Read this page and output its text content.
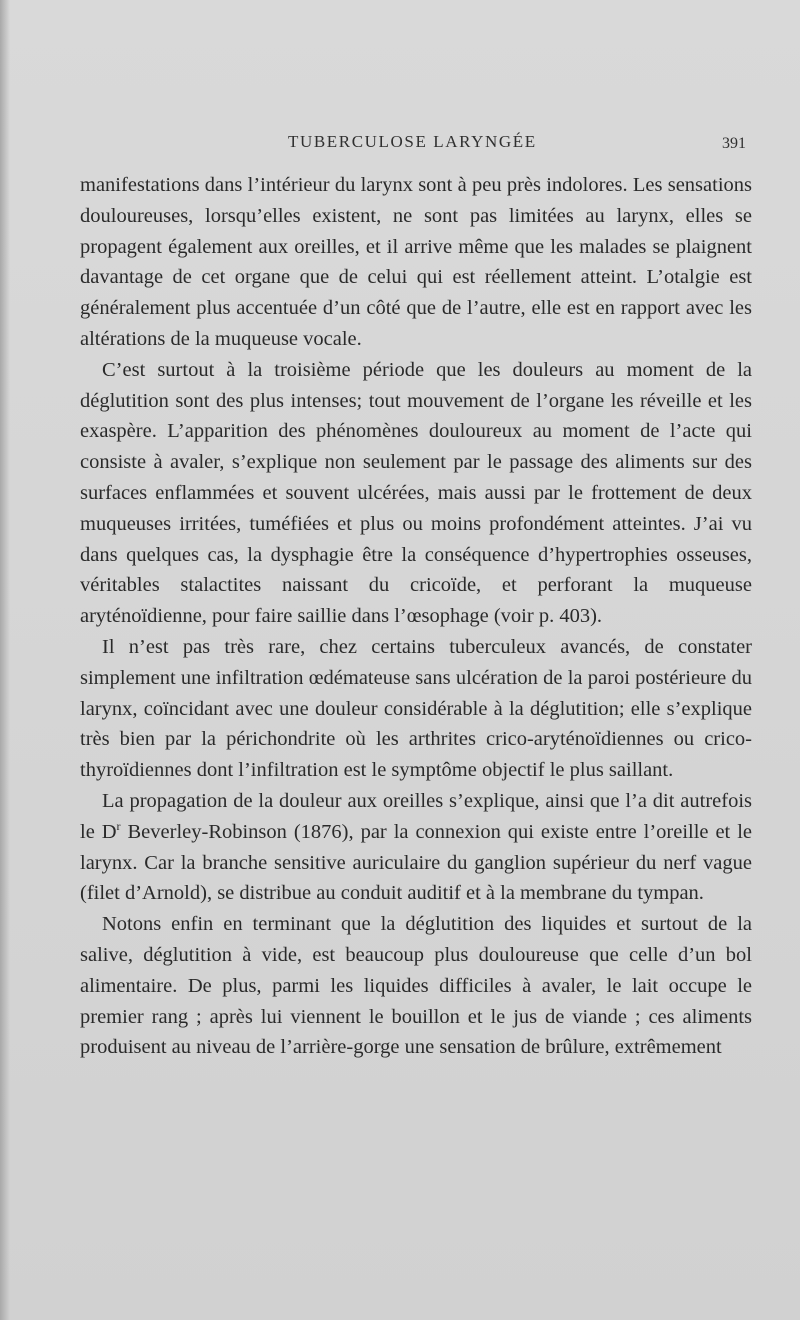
TUBERCULOSE LARYNGÉE	391

manifestations dans l’intérieur du larynx sont à peu près indolores. Les sensations douloureuses, lorsqu’elles existent, ne sont pas limitées au larynx, elles se propagent également aux oreilles, et il arrive même que les malades se plaignent davantage de cet organe que de celui qui est réellement atteint. L’otalgie est généralement plus accentuée d’un côté que de l’autre, elle est en rapport avec les altérations de la muqueuse vocale.

C’est surtout à la troisième période que les douleurs au moment de la déglutition sont des plus intenses; tout mouvement de l’organe les réveille et les exaspère. L’apparition des phénomènes douloureux au moment de l’acte qui consiste à avaler, s’explique non seulement par le passage des aliments sur des surfaces enflammées et souvent ulcérées, mais aussi par le frottement de deux muqueuses irritées, tuméfiées et plus ou moins profondément atteintes. J’ai vu dans quelques cas, la dysphagie être la conséquence d’hypertrophies osseuses, véritables stalactites naissant du cricoïde, et perforant la muqueuse aryténoïdienne, pour faire saillie dans l’œsophage (voir p. 403).

Il n’est pas très rare, chez certains tuberculeux avancés, de constater simplement une infiltration œdémateuse sans ulcération de la paroi postérieure du larynx, coïncidant avec une douleur considérable à la déglutition; elle s’explique très bien par la périchondrite où les arthrites crico-aryténoïdiennes ou crico-thyroïdiennes dont l’infiltration est le symptôme objectif le plus saillant.

La propagation de la douleur aux oreilles s’explique, ainsi que l’a dit autrefois le $D^r$ Beverley-Robinson (1876), par la connexion qui existe entre l’oreille et le larynx. Car la branche sensitive auriculaire du ganglion supérieur du nerf vague (filet d’Arnold), se distribue au conduit auditif et à la membrane du tympan.

Notons enfin en terminant que la déglutition des liquides et surtout de la salive, déglutition à vide, est beaucoup plus douloureuse que celle d’un bol alimentaire. De plus, parmi les liquides difficiles à avaler, le lait occupe le premier rang ; après lui viennent le bouillon et le jus de viande ; ces aliments produisent au niveau de l’arrière-gorge une sensation de brûlure, extrêmement
